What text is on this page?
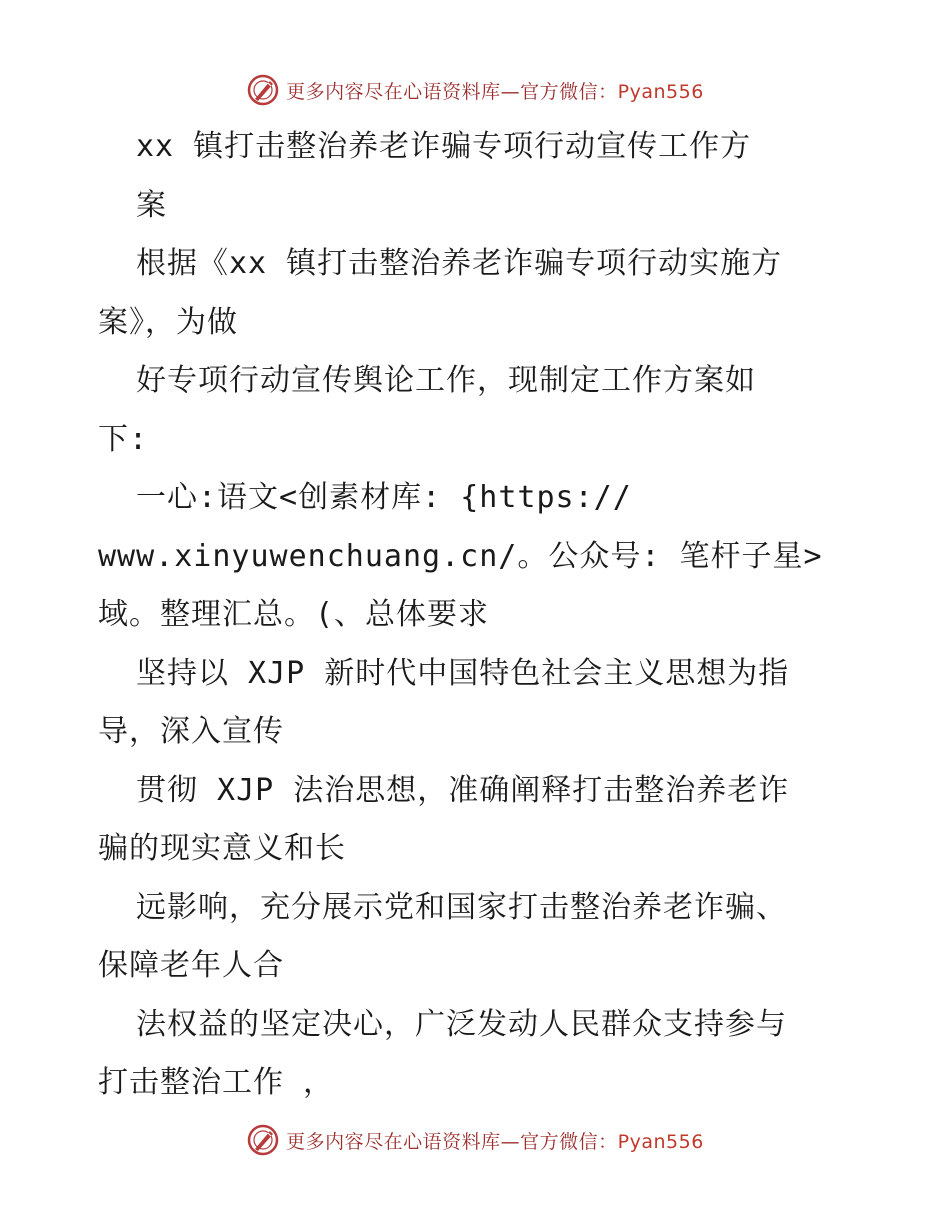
更多内容尽在心语资料库—官方微信：Pyan556
xx 镇打击整治养老诈骗专项行动宣传工作方
案
根据《xx 镇打击整治养老诈骗专项行动实施方
案》，为做
好专项行动宣传舆论工作，现制定工作方案如
下:
一心:语文<创素材库: {https://
www.xinyuwenchuang.cn/。公众号: 笔杆子星>
域。整理汇总。(、总体要求
坚持以 XJP 新时代中国特色社会主义思想为指
导，深入宣传
贯彻 XJP 法治思想，准确阐释打击整治养老诈
骗的现实意义和长
远影响，充分展示党和国家打击整治养老诈骗、
保障老年人合
法权益的坚定决心，广泛发动人民群众支持参与
打击整治工作 ，
更多内容尽在心语资料库—官方微信：Pyan556
